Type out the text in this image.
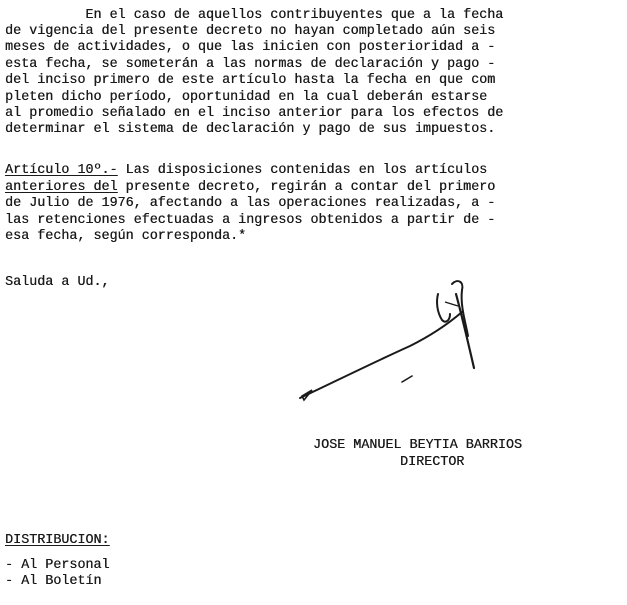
En el caso de aquellos contribuyentes que a la fecha
de vigencia del presente decreto no hayan completado aún seis
meses de actividades, o que las inicien con posterioridad a -
esta fecha, se someterán a las normas de declaración y pago -
del inciso primero de este artículo hasta la fecha en que com
pleten dicho período, oportunidad en la cual deberán estarse
al promedio señalado en el inciso anterior para los efectos de
determinar el sistema de declaración y pago de sus impuestos.
Artículo 10º.- Las disposiciones contenidas en los artículos
anteriores del presente decreto, regirán a contar del primero
de Julio de 1976, afectando a las operaciones realizadas, a -
las retenciones efectuadas a ingresos obtenidos a partir de -
esa fecha, según corresponda.*
Saluda a Ud.,
JOSE MANUEL BEYTIA BARRIOS
DIRECTOR
DISTRIBUCION:
- Al Personal
- Al Boletín
